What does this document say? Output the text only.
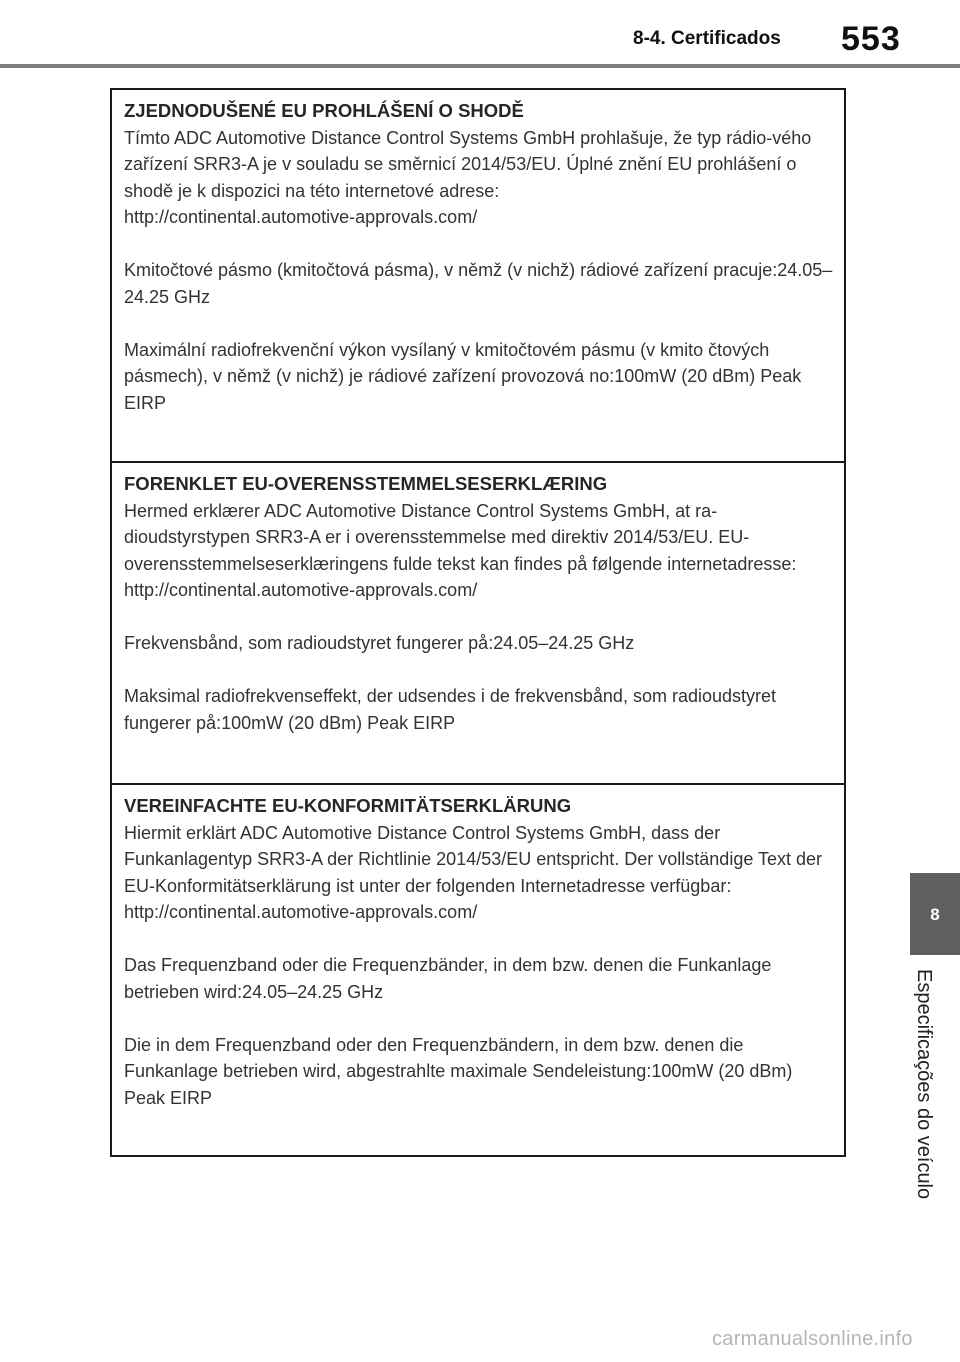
8-4. Certificados 553
ZJEDNODUŠENÉ EU PROHLÁŠENÍ O SHODĚ

Tímto ADC Automotive Distance Control Systems GmbH prohlašuje, že typ rádio-vého zařízení SRR3-A je v souladu se směrnicí 2014/53/EU. Úplné znění EU prohlášení o shodě je k dispozici na této internetové adrese:

http://continental.automotive-approvals.com/

Kmitočtové pásmo (kmitočtová pásma), v němž (v nichž) rádiové zařízení pracuje:24.05–24.25 GHz

Maximální radiofrekvenční výkon vysílaný v kmitočtovém pásmu (v kmito čtových pásmech), v němž (v nichž) je rádiové zařízení provozová no:100mW (20 dBm) Peak EIRP

FORENKLET EU-OVERENSSTEMMELSESERKLÆRING

Hermed erklærer ADC Automotive Distance Control Systems GmbH, at ra-dioudstyrstypen SRR3-A er i overensstemmelse med direktiv 2014/53/EU. EU-overensstemmelseserklæringens fulde tekst kan findes på følgende internetadresse:

http://continental.automotive-approvals.com/

Frekvensbånd, som radioudstyret fungerer på:24.05–24.25 GHz

Maksimal radiofrekvenseffekt, der udsendes i de frekvensbånd, som radioudstyret fungerer på:100mW (20 dBm) Peak EIRP

VEREINFACHTE EU-KONFORMITÄTSERKLÄRUNG

Hiermit erklärt ADC Automotive Distance Control Systems GmbH, dass der Funkanlagentyp SRR3-A der Richtlinie 2014/53/EU entspricht. Der vollständige Text der EU-Konformitätserklärung ist unter der folgenden Internetadresse verfügbar:

http://continental.automotive-approvals.com/

Das Frequenzband oder die Frequenzbänder, in dem bzw. denen die Funkanlage betrieben wird:24.05–24.25 GHz

Die in dem Frequenzband oder den Frequenzbändern, in dem bzw. denen die Funkanlage betrieben wird, abgestrahlte maximale Sendeleistung:100mW (20 dBm) Peak EIRP

8
Especificações do veículo
carmanualsonline.info
